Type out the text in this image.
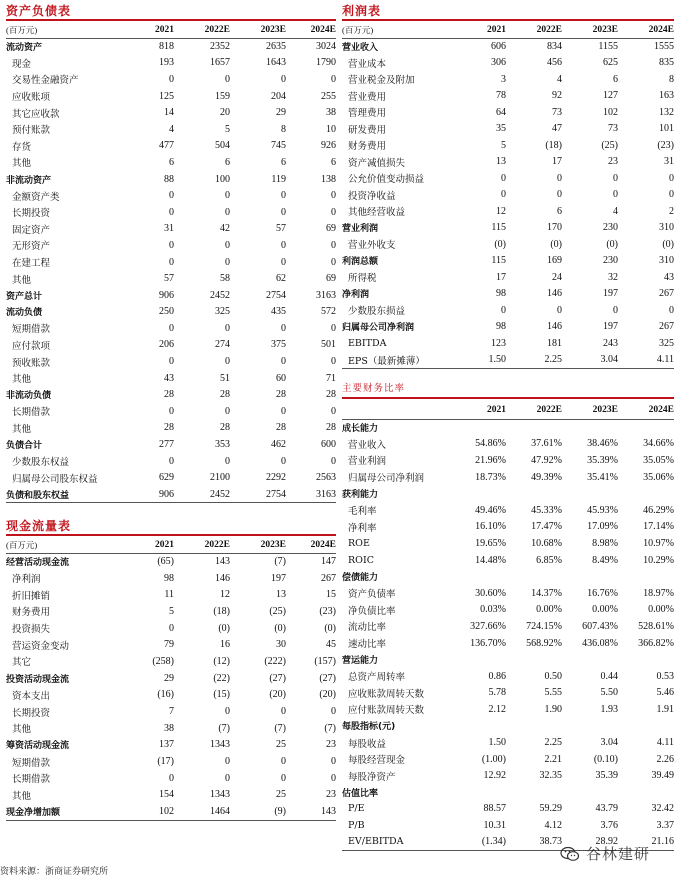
资产负债表
(百万元)	2021	2022E	2023E	2024E
流动资产	818	2352	2635	3024
现金	193	1657	1643	1790
交易性金融资产	0	0	0	0
应收账项	125	159	204	255
其它应收款	14	20	29	38
预付账款	4	5	8	10
存货	477	504	745	926
其他	6	6	6	6
非流动资产	88	100	119	138
金额资产类	0	0	0	0
长期投资	0	0	0	0
固定资产	31	42	57	69
无形资产	0	0	0	0
在建工程	0	0	0	0
其他	57	58	62	69
资产总计	906	2452	2754	3163
流动负债	250	325	435	572
短期借款	0	0	0	0
应付款项	206	274	375	501
预收账款	0	0	0	0
其他	43	51	60	71
非流动负债	28	28	28	28
长期借款	0	0	0	0
其他	28	28	28	28
负债合计	277	353	462	600
少数股东权益	0	0	0	0
归属母公司股东权益	629	2100	2292	2563
负债和股东权益	906	2452	2754	3163
现金流量表
(百万元)	2021	2022E	2023E	2024E
经营活动现金流	(65)	143	(7)	147
净利润	98	146	197	267
折旧摊销	11	12	13	15
财务费用	5	(18)	(25)	(23)
投资损失	0	(0)	(0)	(0)
营运资金变动	79	16	30	45
其它	(258)	(12)	(222)	(157)
投资活动现金流	29	(22)	(27)	(27)
资本支出	(16)	(15)	(20)	(20)
长期投资	7	0	0	0
其他	38	(7)	(7)	(7)
筹资活动现金流	137	1343	25	23
短期借款	(17)	0	0	0
长期借款	0	0	0	0
其他	154	1343	25	23
现金净增加额	102	1464	(9)	143
利润表
(百万元)	2021	2022E	2023E	2024E
营业收入	606	834	1155	1555
营业成本	306	456	625	835
营业税金及附加	3	4	6	8
营业费用	78	92	127	163
管理费用	64	73	102	132
研发费用	35	47	73	101
财务费用	5	(18)	(25)	(23)
资产减值损失	13	17	23	31
公允价值变动损益	0	0	0	0
投资净收益	0	0	0	0
其他经营收益	12	6	4	2
营业利润	115	170	230	310
营业外收支	(0)	(0)	(0)	(0)
利润总额	115	169	230	310
所得税	17	24	32	43
净利润	98	146	197	267
少数股东损益	0	0	0	0
归属母公司净利润	98	146	197	267
EBITDA	123	181	243	325
EPS（最新摊薄）	1.50	2.25	3.04	4.11
主要财务比率
	2021	2022E	2023E	2024E
成长能力				
营业收入	54.86%	37.61%	38.46%	34.66%
营业利润	21.96%	47.92%	35.39%	35.05%
归属母公司净利润	18.73%	49.39%	35.41%	35.06%
获利能力				
毛利率	49.46%	45.33%	45.93%	46.29%
净利率	16.10%	17.47%	17.09%	17.14%
ROE	19.65%	10.68%	8.98%	10.97%
ROIC	14.48%	6.85%	8.49%	10.29%
偿债能力				
资产负债率	30.60%	14.37%	16.76%	18.97%
净负债比率	0.03%	0.00%	0.00%	0.00%
流动比率	327.66%	724.15%	607.43%	528.61%
速动比率	136.70%	568.92%	436.08%	366.82%
营运能力				
总资产周转率	0.86	0.50	0.44	0.53
应收账款周转天数	5.78	5.55	5.50	5.46
应付账款周转天数	2.12	1.90	1.93	1.91
每股指标(元)				
每股收益	1.50	2.25	3.04	4.11
每股经营现金	(1.00)	2.21	(0.10)	2.26
每股净资产	12.92	32.35	35.39	39.49
估值比率				
P/E	88.57	59.29	43.79	32.42
P/B	10.31	4.12	3.76	3.37
EV/EBITDA	(1.34)	38.73	28.92	21.16
资料来源：浙商证券研究所
谷林建研
